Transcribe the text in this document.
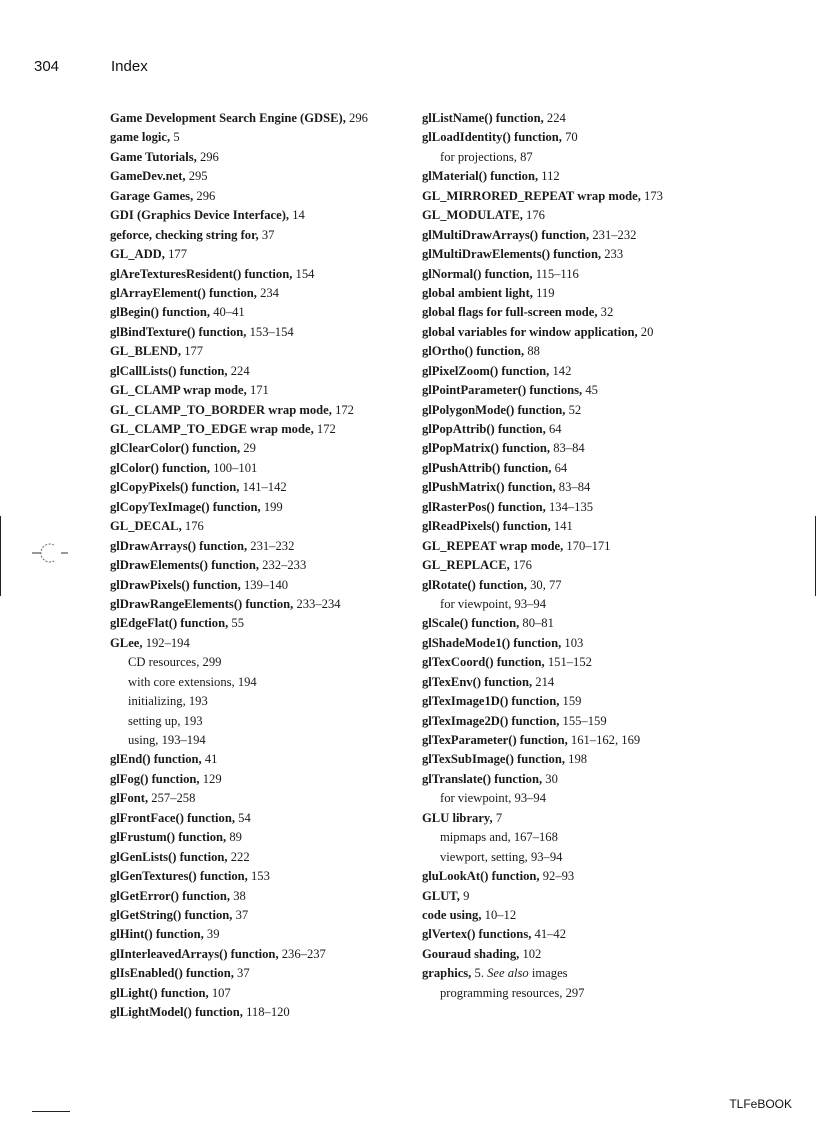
304	Index
Game Development Search Engine (GDSE), 296
game logic, 5
Game Tutorials, 296
GameDev.net, 295
Garage Games, 296
GDI (Graphics Device Interface), 14
geforce, checking string for, 37
GL_ADD, 177
glAreTexturesResident() function, 154
glArrayElement() function, 234
glBegin() function, 40–41
glBindTexture() function, 153–154
GL_BLEND, 177
glCallLists() function, 224
GL_CLAMP wrap mode, 171
GL_CLAMP_TO_BORDER wrap mode, 172
GL_CLAMP_TO_EDGE wrap mode, 172
glClearColor() function, 29
glColor() function, 100–101
glCopyPixels() function, 141–142
glCopyTexImage() function, 199
GL_DECAL, 176
glDrawArrays() function, 231–232
glDrawElements() function, 232–233
glDrawPixels() function, 139–140
glDrawRangeElements() function, 233–234
glEdgeFlat() function, 55
GLee, 192–194
CD resources, 299
with core extensions, 194
initializing, 193
setting up, 193
using, 193–194
glEnd() function, 41
glFog() function, 129
glFont, 257–258
glFrontFace() function, 54
glFrustum() function, 89
glGenLists() function, 222
glGenTextures() function, 153
glGetError() function, 38
glGetString() function, 37
glHint() function, 39
glInterleavedArrays() function, 236–237
glIsEnabled() function, 37
glLight() function, 107
glLightModel() function, 118–120
glListName() function, 224
glLoadIdentity() function, 70
for projections, 87
glMaterial() function, 112
GL_MIRRORED_REPEAT wrap mode, 173
GL_MODULATE, 176
glMultiDrawArrays() function, 231–232
glMultiDrawElements() function, 233
glNormal() function, 115–116
global ambient light, 119
global flags for full-screen mode, 32
global variables for window application, 20
glOrtho() function, 88
glPixelZoom() function, 142
glPointParameter() functions, 45
glPolygonMode() function, 52
glPopAttrib() function, 64
glPopMatrix() function, 83–84
glPushAttrib() function, 64
glPushMatrix() function, 83–84
glRasterPos() function, 134–135
glReadPixels() function, 141
GL_REPEAT wrap mode, 170–171
GL_REPLACE, 176
glRotate() function, 30, 77
for viewpoint, 93–94
glScale() function, 80–81
glShadeMode1() function, 103
glTexCoord() function, 151–152
glTexEnv() function, 214
glTexImage1D() function, 159
glTexImage2D() function, 155–159
glTexParameter() function, 161–162, 169
glTexSubImage() function, 198
glTranslate() function, 30
for viewpoint, 93–94
GLU library, 7
mipmaps and, 167–168
viewport, setting, 93–94
gluLookAt() function, 92–93
GLUT, 9
code using, 10–12
glVertex() functions, 41–42
Gouraud shading, 102
graphics, 5. See also images
programming resources, 297
TLFeBOOK
